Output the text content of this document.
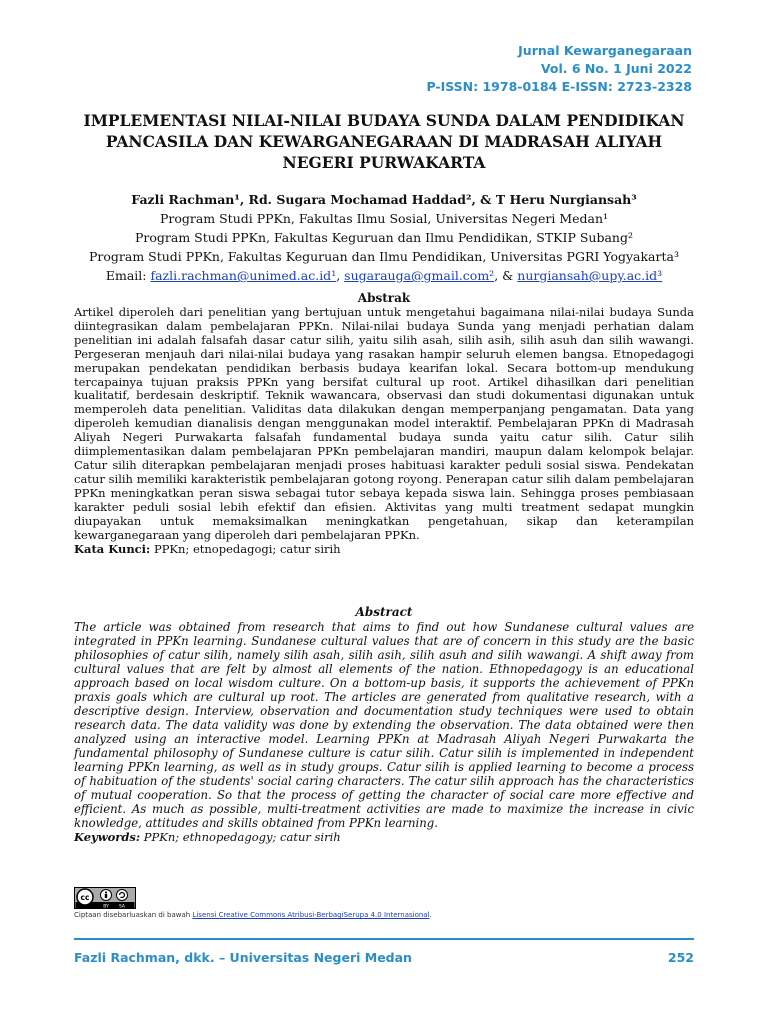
Jurnal Kewarganegaraan
Vol. 6 No. 1 Juni 2022
P-ISSN: 1978-0184 E-ISSN: 2723-2328
IMPLEMENTASI NILAI-NILAI BUDAYA SUNDA DALAM PENDIDIKAN PANCASILA DAN KEWARGANEGARAAN DI MADRASAH ALIYAH NEGERI PURWAKARTA
Fazli Rachman¹, Rd. Sugara Mochamad Haddad², & T Heru Nurgiansah³
Program Studi PPKn, Fakultas Ilmu Sosial, Universitas Negeri Medan¹
Program Studi PPKn, Fakultas Keguruan dan Ilmu Pendidikan, STKIP Subang²
Program Studi PPKn, Fakultas Keguruan dan Ilmu Pendidikan, Universitas PGRI Yogyakarta³
Email: fazli.rachman@unimed.ac.id¹, sugarauga@gmail.com², & nurgiansah@upy.ac.id³
Abstrak

Artikel diperoleh dari penelitian yang bertujuan untuk mengetahui bagaimana nilai-nilai budaya Sunda diintegrasikan dalam pembelajaran PPKn. Nilai-nilai budaya Sunda yang menjadi perhatian dalam penelitian ini adalah falsafah dasar catur silih, yaitu silih asah, silih asih, silih asuh dan silih wawangi. Pergeseran menjauh dari nilai-nilai budaya yang rasakan hampir seluruh elemen bangsa. Etnopedagogi merupakan pendekatan pendidikan berbasis budaya kearifan lokal. Secara bottom-up mendukung tercapainya tujuan praksis PPKn yang bersifat cultural up root. Artikel dihasilkan dari penelitian kualitatif, berdesain deskriptif. Teknik wawancara, observasi dan studi dokumentasi digunakan untuk memperoleh data penelitian. Validitas data dilakukan dengan memperpanjang pengamatan. Data yang diperoleh kemudian dianalisis dengan menggunakan model interaktif. Pembelajaran PPKn di Madrasah Aliyah Negeri Purwakarta falsafah fundamental budaya sunda yaitu catur silih. Catur silih diimplementasikan dalam pembelajaran PPKn pembelajaran mandiri, maupun dalam kelompok belajar. Catur silih diterapkan pembelajaran menjadi proses habituasi karakter peduli sosial siswa. Pendekatan catur silih memiliki karakteristik pembelajaran gotong royong. Penerapan catur silih dalam pembelajaran PPKn meningkatkan peran siswa sebagai tutor sebaya kepada siswa lain. Sehingga proses pembiasaan karakter peduli sosial lebih efektif dan efisien. Aktivitas yang multi treatment sedapat mungkin diupayakan untuk memaksimalkan meningkatkan pengetahuan, sikap dan keterampilan kewarganegaraan yang diperoleh dari pembelajaran PPKn.

Kata Kunci: PPKn; etnopedagogi; catur sirih
Abstract

The article was obtained from research that aims to find out how Sundanese cultural values are integrated in PPKn learning. Sundanese cultural values that are of concern in this study are the basic philosophies of catur silih, namely silih asah, silih asih, silih asuh and silih wawangi. A shift away from cultural values that are felt by almost all elements of the nation. Ethnopedagogy is an educational approach based on local wisdom culture. On a bottom-up basis, it supports the achievement of PPKn praxis goals which are cultural up root. The articles are generated from qualitative research, with a descriptive design. Interview, observation and documentation study techniques were used to obtain research data. The data validity was done by extending the observation. The data obtained were then analyzed using an interactive model. Learning PPKn at Madrasah Aliyah Negeri Purwakarta the fundamental philosophy of Sundanese culture is catur silih. Catur silih is implemented in independent learning PPKn learning, as well as in study groups. Catur silih is applied learning to become a process of habituation of the students' social caring characters. The catur silih approach has the characteristics of mutual cooperation. So that the process of getting the character of social care more effective and efficient. As much as possible, multi-treatment activities are made to maximize the increase in civic knowledge, attitudes and skills obtained from PPKn learning.

Keywords: PPKn; ethnopedagogy; catur sirih
cc
BY SA
Ciptaan disebarluaskan di bawah Lisensi Creative Commons Atribusi-BerbagiSerupa 4.0 Internasional.
Fazli Rachman, dkk. – Universitas Negeri Medan	252
